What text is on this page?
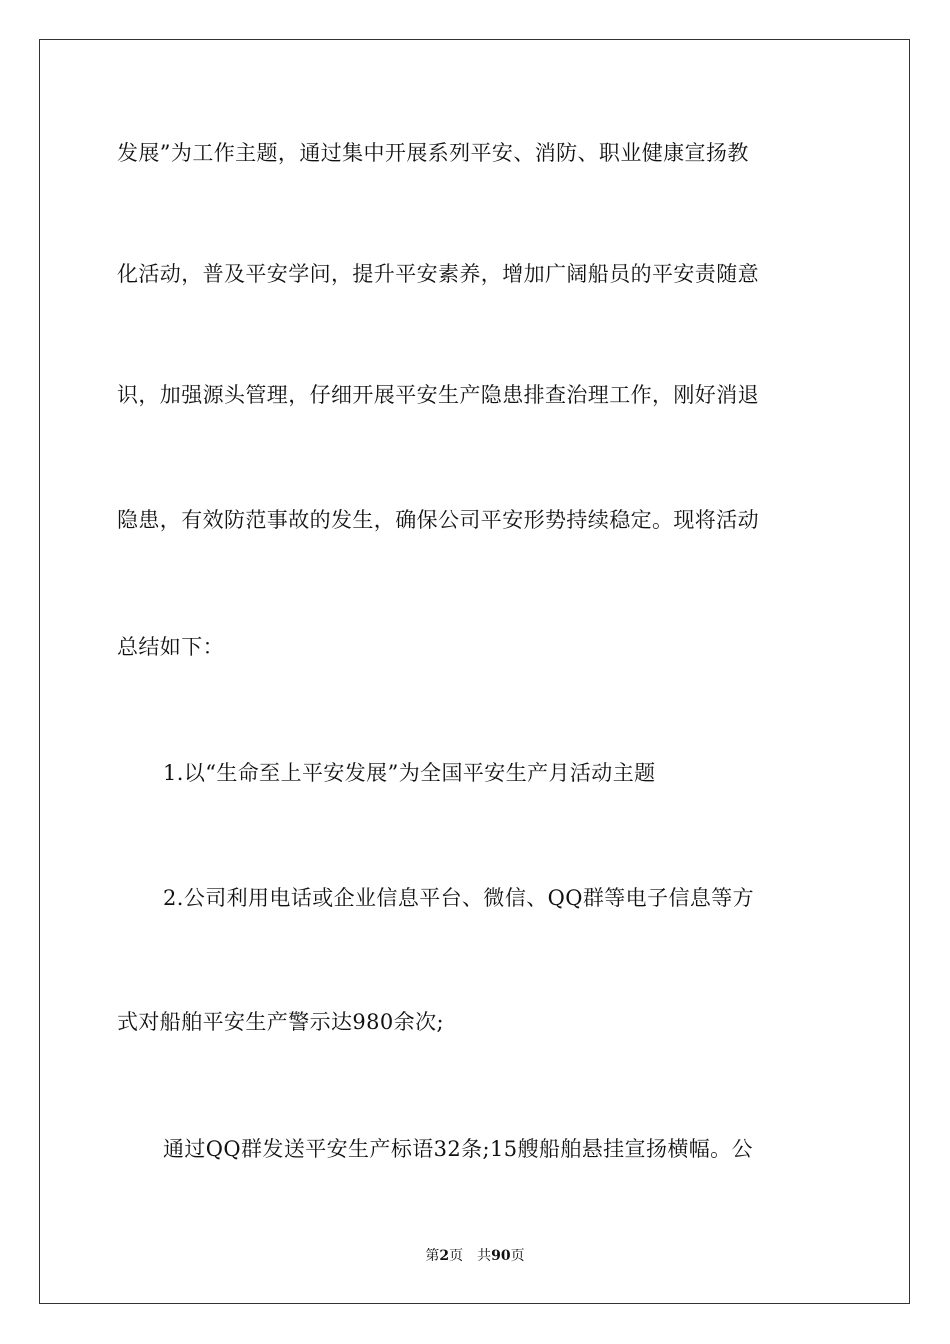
发展”为工作主题，通过集中开展系列平安、消防、职业健康宣扬教
化活动，普及平安学问，提升平安素养，增加广阔船员的平安责随意
识，加强源头管理，仔细开展平安生产隐患排查治理工作，刚好消退
隐患，有效防范事故的发生，确保公司平安形势持续稳定。现将活动
总结如下：
1.以“生命至上平安发展”为全国平安生产月活动主题
2.公司利用电话或企业信息平台、微信、QQ群等电子信息等方
式对船舶平安生产警示达980余次;
通过QQ群发送平安生产标语32条;15艘船舶悬挂宣扬横幅。公
第2页 共90页
